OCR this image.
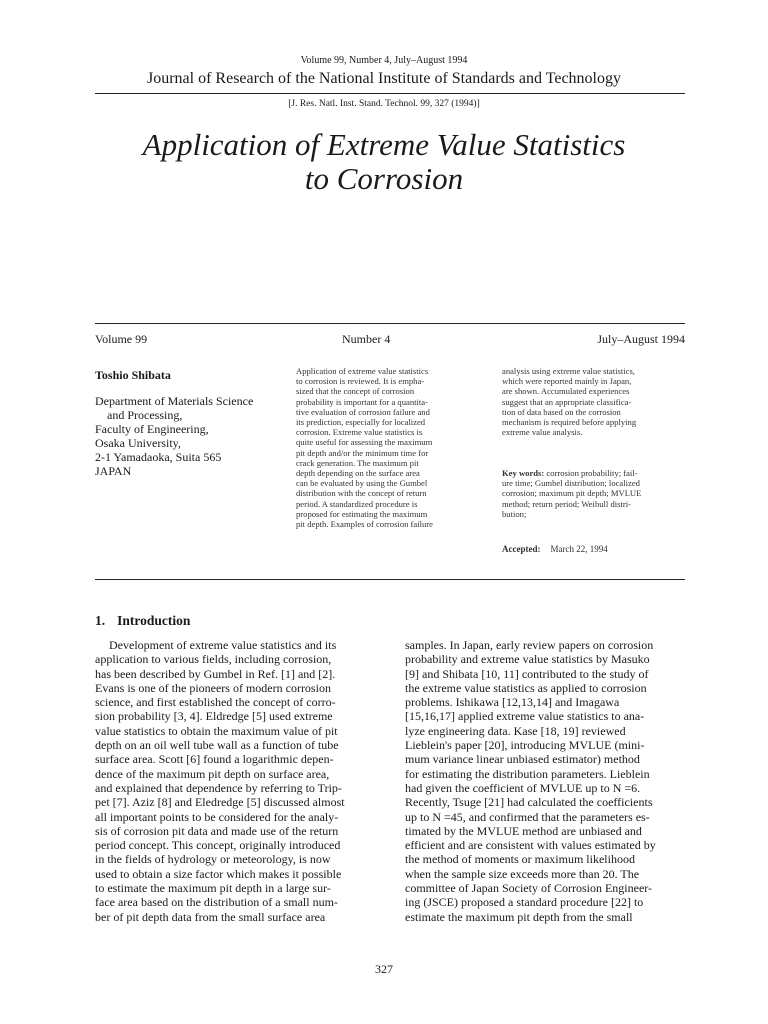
Volume 99, Number 4, July–August 1994
Journal of Research of the National Institute of Standards and Technology
[J. Res. Natl. Inst. Stand. Technol. 99, 327 (1994)]
Application of Extreme Value Statistics
to Corrosion
Volume 99	Number 4	July–August 1994
Toshio Shibata
Department of Materials Science
and Processing,
Faculty of Engineering,
Osaka University,
2-1 Yamadaoka, Suita 565
JAPAN
Application of extreme value statistics
to corrosion is reviewed. It is empha-
sized that the concept of corrosion
probability is important for a quantita-
tive evaluation of corrosion failure and
its prediction, especially for localized
corrosion. Extreme value statistics is
quite useful for assessing the maximum
pit depth and/or the minimum time for
crack generation. The maximum pit
depth depending on the surface area
can be evaluated by using the Gumbel
distribution with the concept of return
period. A standardized procedure is
proposed for estimating the maximum
pit depth. Examples of corrosion failure
analysis using extreme value statistics,
which were reported mainly in Japan,
are shown. Accumulated experiences
suggest that an appropriate classifica-
tion of data based on the corrosion
mechanism is required before applying
extreme value analysis.
Key words: corrosion probability; fail-
ure time; Gumbel distribution; localized
corrosion; maximum pit depth; MVLUE
method; return period; Weibull distri-
bution;
Accepted: March 22, 1994
1. Introduction
Development of extreme value statistics and its
application to various fields, including corrosion,
has been described by Gumbel in Ref. [1] and [2].
Evans is one of the pioneers of modern corrosion
science, and first established the concept of corro-
sion probability [3, 4]. Eldredge [5] used extreme
value statistics to obtain the maximum value of pit
depth on an oil well tube wall as a function of tube
surface area. Scott [6] found a logarithmic depen-
dence of the maximum pit depth on surface area,
and explained that dependence by referring to Trip-
pet [7]. Aziz [8] and Eledredge [5] discussed almost
all important points to be considered for the analy-
sis of corrosion pit data and made use of the return
period concept. This concept, originally introduced
in the fields of hydrology or meteorology, is now
used to obtain a size factor which makes it possible
to estimate the maximum pit depth in a large sur-
face area based on the distribution of a small num-
ber of pit depth data from the small surface area
samples. In Japan, early review papers on corrosion
probability and extreme value statistics by Masuko
[9] and Shibata [10, 11] contributed to the study of
the extreme value statistics as applied to corrosion
problems. Ishikawa [12,13,14] and Imagawa
[15,16,17] applied extreme value statistics to ana-
lyze engineering data. Kase [18, 19] reviewed
Lieblein's paper [20], introducing MVLUE (mini-
mum variance linear unbiased estimator) method
for estimating the distribution parameters. Lieblein
had given the coefficient of MVLUE up to N =6.
Recently, Tsuge [21] had calculated the coefficients
up to N =45, and confirmed that the parameters es-
timated by the MVLUE method are unbiased and
efficient and are consistent with values estimated by
the method of moments or maximum likelihood
when the sample size exceeds more than 20. The
committee of Japan Society of Corrosion Engineer-
ing (JSCE) proposed a standard procedure [22] to
estimate the maximum pit depth from the small
327
